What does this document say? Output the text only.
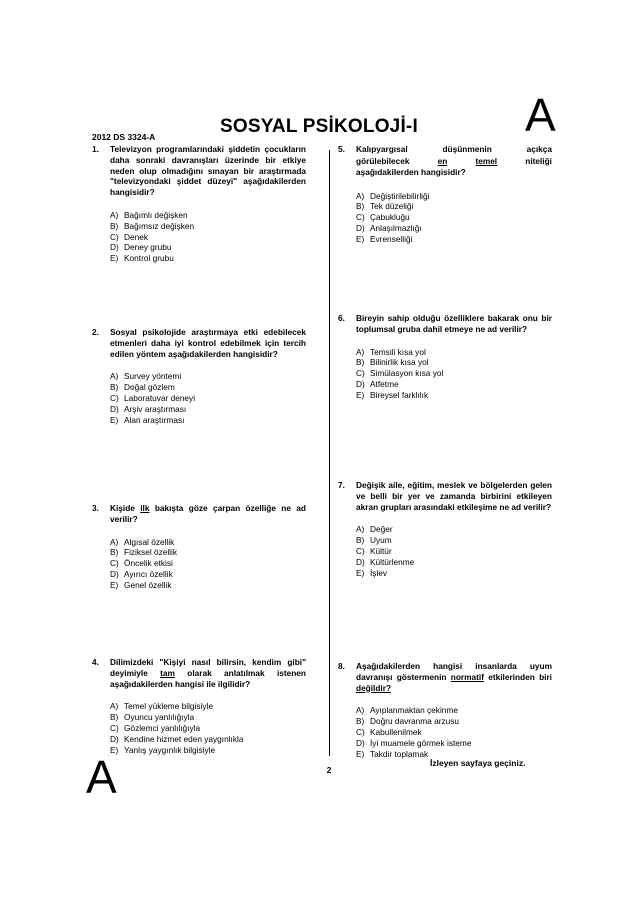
A
SOSYAL PSİKOLOJİ-I
2012 DS 3324-A
1. Televizyon programlarındaki şiddetin çocukların daha sonraki davranışları üzerinde bir etkiye neden olup olmadığını sınayan bir araştırmada "televizyondaki şiddet düzeyi" aşağıdakilerden hangisidir?
A) Bağımlı değişken
B) Bağımsız değişken
C) Denek
D) Deney grubu
E) Kontrol grubu
2. Sosyal psikolojide araştırmaya etki edebilecek etmenleri daha iyi kontrol edebilmek için tercih edilen yöntem aşağıdakilerden hangisidir?
A) Survey yöntemi
B) Doğal gözlem
C) Laboratuvar deneyi
D) Arşiv araştırması
E) Alan araştırması
3. Kişide ilk bakışta göze çarpan özelliğe ne ad verilir?
A) Algısal özellik
B) Fiziksel özellik
C) Öncelik etkisi
D) Ayırıcı özellik
E) Genel özellik
4. Dilimizdeki "Kişiyi nasıl bilirsin, kendim gibi" deyimiyle tam olarak anlatılmak istenen aşağıdakilerden hangisi ile ilgilidir?
A) Temel yükleme bilgisiyle
B) Oyuncu yanlılığıyla
C) Gözlemci yanlılığıyla
D) Kendine hizmet eden yaygınlıkla
E) Yanlış yaygınlık bilgisiyle
5. Kalıpyargısal	düşünmenin	açıkça
görülebilecek	en	temel	niteliği
aşağıdakilerden hangisidir?
A) Değiştirilebilirliği
B) Tek düzeliği
C) Çabukluğu
D) Anlaşılmazlığı
E) Evrenselliği
6. Bireyin sahip olduğu özelliklere bakarak onu bir toplumsal gruba dahil etmeye ne ad verilir?
A) Temsili kısa yol
B) Bilinirlik kısa yol
C) Simülasyon kısa yol
D) Atfetme
E) Bireysel farklılık
7. Değişik aile, eğitim, meslek ve bölgelerden gelen ve belli bir yer ve zamanda birbirini etkileyen akran grupları arasındaki etkileşime ne ad verilir?
A) Değer
B) Uyum
C) Kültür
D) Kültürlenme
E) İşlev
8. Aşağıdakilerden hangisi insanlarda uyum davranışı göstermenin normatif etkilerinden biri değildir?
A) Ayıplanmaktan çekinme
B) Doğru davranma arzusu
C) Kabullenilmek
D) İyi muamele görmek isteme
E) Takdir toplamak
2
İzleyen sayfaya geçiniz.
A
